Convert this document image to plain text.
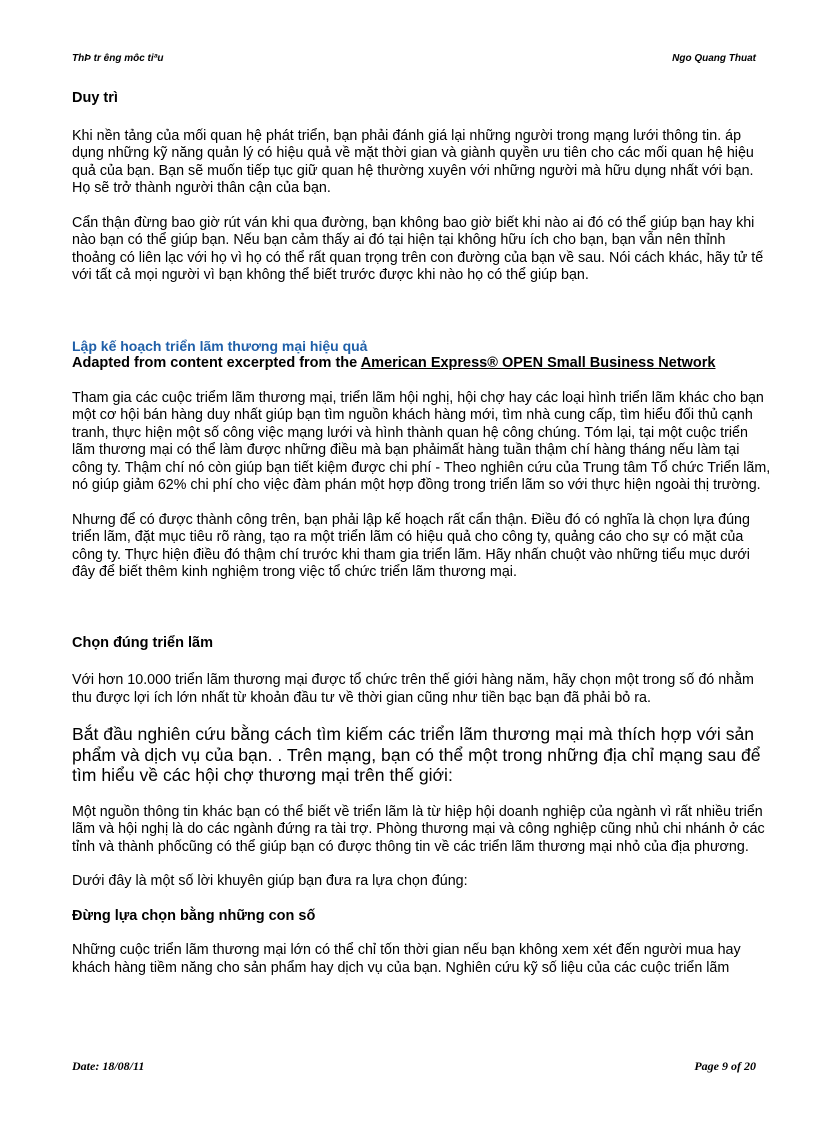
ThÞ tr êng môc tiªu	Ngo Quang Thuat

Duy trì

Khi nền tảng của mối quan hệ phát triển, bạn phải đánh giá lại những người trong mạng lưới thông tin. áp dụng những kỹ năng quản lý có hiệu quả về mặt thời gian và giành quyền ưu tiên cho các mối quan hệ hiệu quả của bạn. Bạn sẽ muốn tiếp tục giữ quan hệ thường xuyên với những người mà hữu dụng nhất với bạn. Họ sẽ trở thành người thân cận của bạn.

Cẩn thận đừng bao giờ rút ván khi qua đường, bạn không bao giờ biết khi nào ai đó có thể giúp bạn hay khi nào bạn có thể giúp bạn. Nếu bạn cảm thấy ai đó tại hiện tại không hữu ích cho bạn, bạn vẫn nên thỉnh thoảng có liên lạc với họ vì họ có thể rất quan trọng trên con đường của bạn về sau. Nói cách khác, hãy tử tế với tất cả mọi người vì bạn không thể biết trước được khi nào họ có thể giúp bạn.

Lập kế hoạch triển lãm thương mại hiệu quả

Adapted from content excerpted from the American Express® OPEN Small Business Network

Tham gia các cuộc triểm lãm thương mại, triển lãm hội nghị, hội chợ hay các loại hình triển lãm khác cho bạn một cơ hội bán hàng duy nhất giúp bạn tìm nguồn khách hàng mới, tìm nhà cung cấp, tìm hiểu đối thủ cạnh tranh, thực hiện một số công việc mạng lưới và hình thành quan hệ công chúng. Tóm lại, tại một cuộc triển lãm thương mại có thể làm được những điều mà bạn phảimất hàng tuần thậm chí hàng tháng nếu làm tại công ty. Thậm chí nó còn giúp bạn tiết kiệm được chi phí - Theo nghiên cứu của Trung tâm Tổ chức Triển lãm, nó giúp giảm 62% chi phí cho việc đàm phán một hợp đồng trong triển lãm so với thực hiện ngoài thị trường.

Nhưng để có được thành công trên, bạn phải lập kế hoạch rất cẩn thận. Điều đó có nghĩa là chọn lựa đúng triển lãm, đặt mục tiêu rõ ràng, tạo ra một triển lãm có hiệu quả cho công ty, quảng cáo cho sự có mặt của công ty. Thực hiện điều đó thậm chí trước khi tham gia triển lãm. Hãy nhấn chuột vào những tiểu mục dưới đây để biết thêm kinh nghiệm trong việc tổ chức triển lãm thương mại.

Chọn đúng triển lãm

Với hơn 10.000 triển lãm thương mại được tổ chức trên thế giới hàng năm, hãy chọn một trong số đó nhằm thu được lợi ích lớn nhất từ khoản đầu tư về thời gian cũng như tiền bạc bạn đã phải bỏ ra.

Bắt đầu nghiên cứu bằng cách tìm kiếm các triển lãm thương mại mà thích hợp với sản phẩm và dịch vụ của bạn. . Trên mạng, bạn có thể một trong những địa chỉ mạng sau để tìm hiểu về các hội chợ thương mại trên thế giới:

Một nguồn thông tin khác bạn có thể biết về triển lãm là từ hiệp hội doanh nghiệp của ngành vì rất nhiều triển lãm và hội nghị là do các ngành đứng ra tài trợ. Phòng thương mại và công nghiệp cũng nhủ chi nhánh ở các tỉnh và thành phốcũng có thể giúp bạn có được thông tin về các triển lãm thương mại nhỏ của địa phương.

Dưới đây là một số lời khuyên giúp bạn đưa ra lựa chọn đúng:

Đừng lựa chọn bằng những con số

Những cuộc triển lãm thương mại lớn có thể chỉ tốn thời gian nếu bạn không xem xét đến người mua hay khách hàng tiềm năng cho sản phẩm hay dịch vụ của bạn. Nghiên cứu kỹ số liệu của các cuộc triển lãm

Date: 18/08/11	Page 9 of 20
